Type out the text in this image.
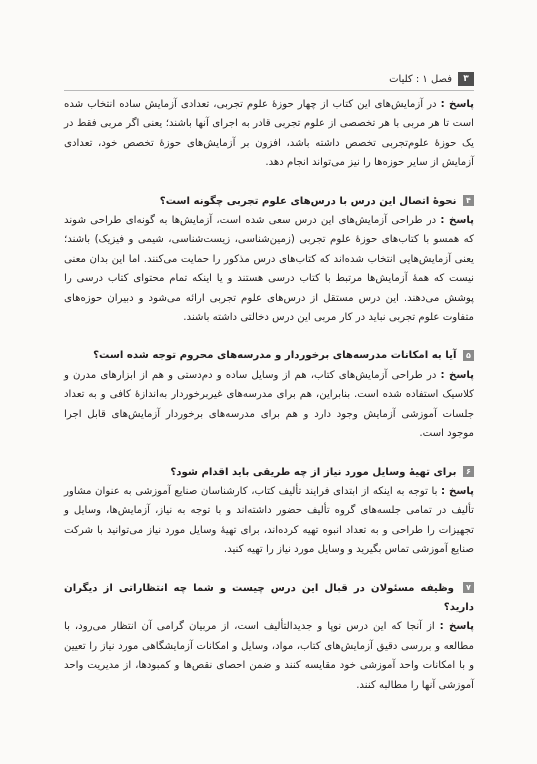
۳
فصل ۱ : کلیات

پاسخ : در آزمایش‌های این کتاب از چهار حوزهٔ علوم تجربی، تعدادی آزمایش ساده انتخاب شده است تا هر مربی با هر تخصصی از علوم تجربی قادر به اجرای آنها باشند؛ یعنی اگر مربی فقط در یک حوزهٔ علوم‌تجربی تخصص داشته باشد، افزون بر آزمایش‌های حوزهٔ تخصص خود، تعدادی آزمایش از سایر حوزه‌ها را نیز می‌تواند انجام دهد.

۴ نحوهٔ اتصال این درس با درس‌های علوم تجربی چگونه است؟

پاسخ : در طراحی آزمایش‌های این درس سعی شده است، آزمایش‌ها به گونه‌ای طراحی شوند که همسو با کتاب‌های حوزهٔ علوم تجربی (زمین‌شناسی، زیست‌شناسی، شیمی و فیزیک) باشند؛ یعنی آزمایش‌هایی انتخاب شده‌اند که کتاب‌های درس مذکور را حمایت می‌کنند. اما این بدان معنی نیست که همهٔ آزمایش‌ها مرتبط با کتاب درسی هستند و یا اینکه تمام محتوای کتاب درسی را پوشش می‌دهند. این درس مستقل از درس‌های علوم تجربی ارائه می‌شود و دبیران حوزه‌های متفاوت علوم تجربی نباید در کار مربی این درس دخالتی داشته باشند.

۵ آیا به امکانات مدرسه‌های برخوردار و مدرسه‌های محروم توجه شده است؟

پاسخ : در طراحی آزمایش‌های کتاب، هم از وسایل ساده و دم‌دستی و هم از ابزارهای مدرن و کلاسیک استفاده شده است. بنابراین، هم برای مدرسه‌های غیربرخوردار به‌اندازهٔ کافی و به تعداد جلسات آموزشی آزمایش وجود دارد و هم برای مدرسه‌های برخوردار آزمایش‌های قابل اجرا موجود است.

۶ برای تهیهٔ وسایل مورد نیاز از چه طریقی باید اقدام شود؟

پاسخ : با توجه به اینکه از ابتدای فرایند تألیف کتاب، کارشناسان صنایع آموزشی به عنوان مشاور تألیف در تمامی جلسه‌های گروه تألیف حضور داشته‌اند و با توجه به نیاز، آزمایش‌ها، وسایل و تجهیزات را طراحی و به تعداد انبوه تهیه کرده‌اند، برای تهیهٔ وسایل مورد نیاز می‌توانید با شرکت صنایع آموزشی تماس بگیرید و وسایل مورد نیاز را تهیه کنید.

۷ وظیفه مسئولان در قبال این درس چیست و شما چه انتظاراتی از دیگران دارید؟

پاسخ : از آنجا که این درس نوپا و جدیدالتألیف است، از مربیان گرامی آن انتظار می‌رود، با مطالعه و بررسی دقیق آزمایش‌های کتاب، مواد، وسایل و امکانات آزمایشگاهی مورد نیاز را تعیین و با امکانات واحد آموزشی خود مقایسه کنند و ضمن احصای نقص‌ها و کمبودها، از مدیریت واحد آموزشی آنها را مطالبه کنند.
